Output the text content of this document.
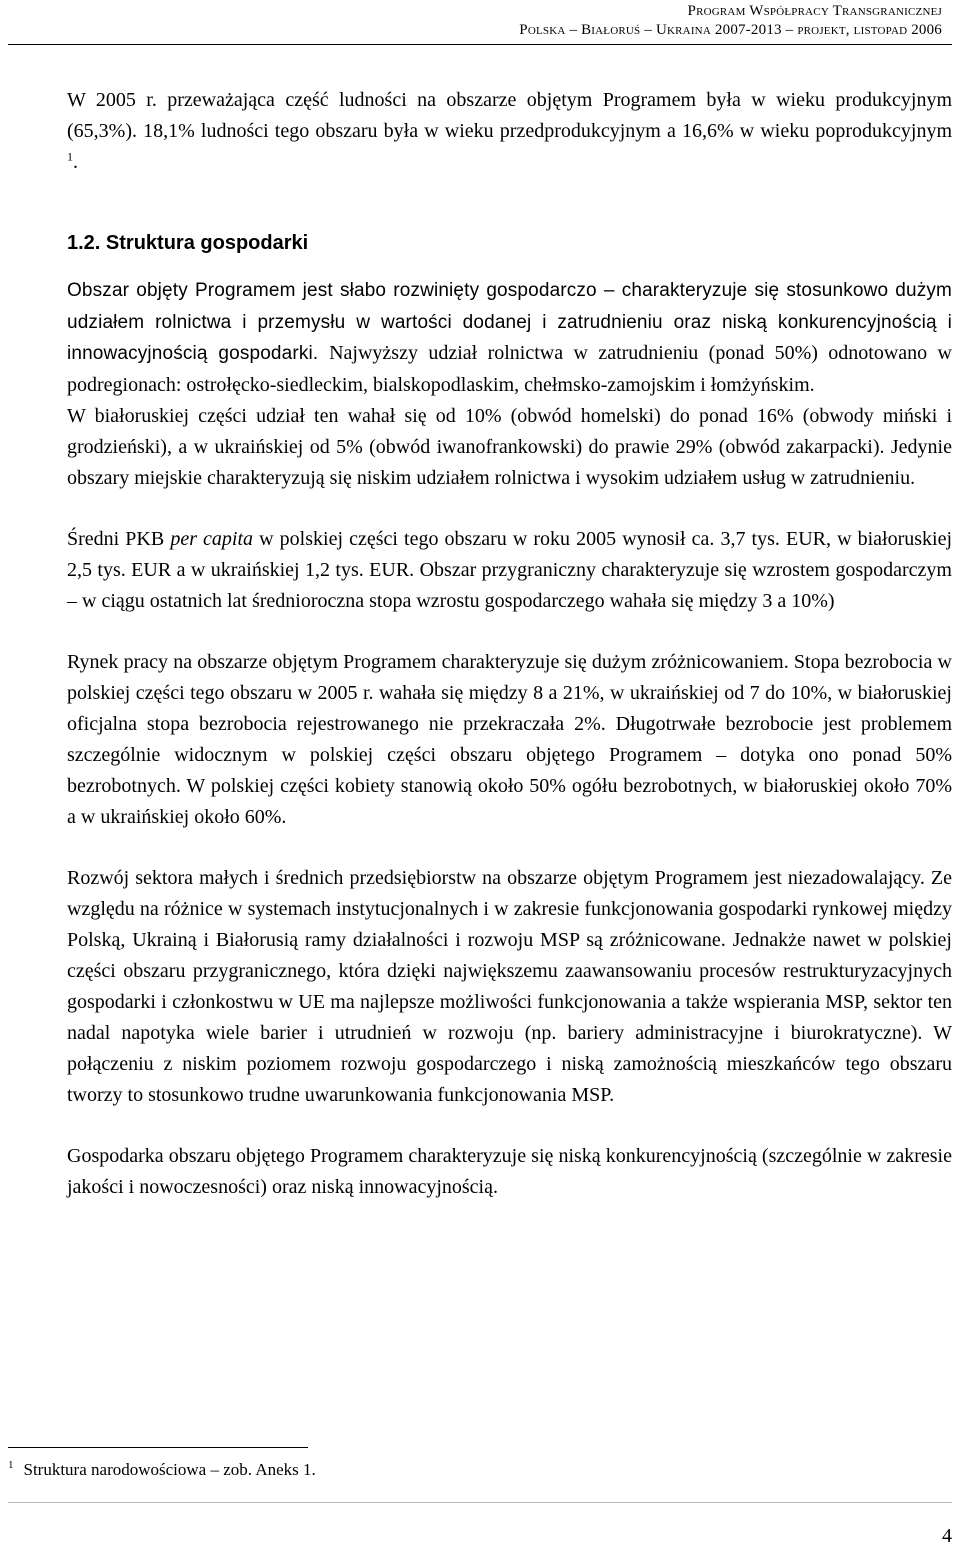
Program Współpracy Transgranicznej
Polska – Białoruś – Ukraina 2007-2013 – projekt, listopad 2006

W 2005 r. przeważająca część ludności na obszarze objętym Programem była w wieku produkcyjnym (65,3%). 18,1% ludności tego obszaru była w wieku przedprodukcyjnym a 16,6% w wieku poprodukcyjnym $^1$.

1.2. Struktura gospodarki

Obszar objęty Programem jest słabo rozwinięty gospodarczo – charakteryzuje się stosunkowo dużym udziałem rolnictwa i przemysłu w wartości dodanej i zatrudnieniu oraz niską konkurencyjnością i innowacyjnością gospodarki. Najwyższy udział rolnictwa w zatrudnieniu (ponad 50%) odnotowano w podregionach: ostrołęcko-siedleckim, bialskopodlaskim, chełmsko-zamojskim i łomżyńskim.

W białoruskiej części udział ten wahał się od 10% (obwód homelski) do ponad 16% (obwody miński i grodzieński), a w ukraińskiej od 5% (obwód iwanofrankowski) do prawie 29% (obwód zakarpacki). Jedynie obszary miejskie charakteryzują się niskim udziałem rolnictwa i wysokim udziałem usług w zatrudnieniu.

Średni PKB per capita w polskiej części tego obszaru w roku 2005 wynosił ca. 3,7 tys. EUR, w białoruskiej 2,5 tys. EUR a w ukraińskiej 1,2 tys. EUR. Obszar przygraniczny charakteryzuje się wzrostem gospodarczym – w ciągu ostatnich lat średnioroczna stopa wzrostu gospodarczego wahała się między 3 a 10%)

Rynek pracy na obszarze objętym Programem charakteryzuje się dużym zróżnicowaniem. Stopa bezrobocia w polskiej części tego obszaru w 2005 r. wahała się między 8 a 21%, w ukraińskiej od 7 do 10%, w białoruskiej oficjalna stopa bezrobocia rejestrowanego nie przekraczała 2%. Długotrwałe bezrobocie jest problemem szczególnie widocznym w polskiej części obszaru objętego Programem – dotyka ono ponad 50% bezrobotnych. W polskiej części kobiety stanowią około 50% ogółu bezrobotnych, w białoruskiej około 70% a w ukraińskiej około 60%.

Rozwój sektora małych i średnich przedsiębiorstw na obszarze objętym Programem jest niezadowalający. Ze względu na różnice w systemach instytucjonalnych i w zakresie funkcjonowania gospodarki rynkowej między Polską, Ukrainą i Białorusią ramy działalności i rozwoju MSP są zróżnicowane. Jednakże nawet w polskiej części obszaru przygranicznego, która dzięki największemu zaawansowaniu procesów restrukturyzacyjnych gospodarki i członkostwu w UE ma najlepsze możliwości funkcjonowania a także wspierania MSP, sektor ten nadal napotyka wiele barier i utrudnień w rozwoju (np. bariery administracyjne i biurokratyczne). W połączeniu z niskim poziomem rozwoju gospodarczego i niską zamożnością mieszkańców tego obszaru tworzy to stosunkowo trudne uwarunkowania funkcjonowania MSP.

Gospodarka obszaru objętego Programem charakteryzuje się niską konkurencyjnością (szczególnie w zakresie jakości i nowoczesności) oraz niską innowacyjnością.

$^1$ Struktura narodowościowa – zob. Aneks 1.
4
